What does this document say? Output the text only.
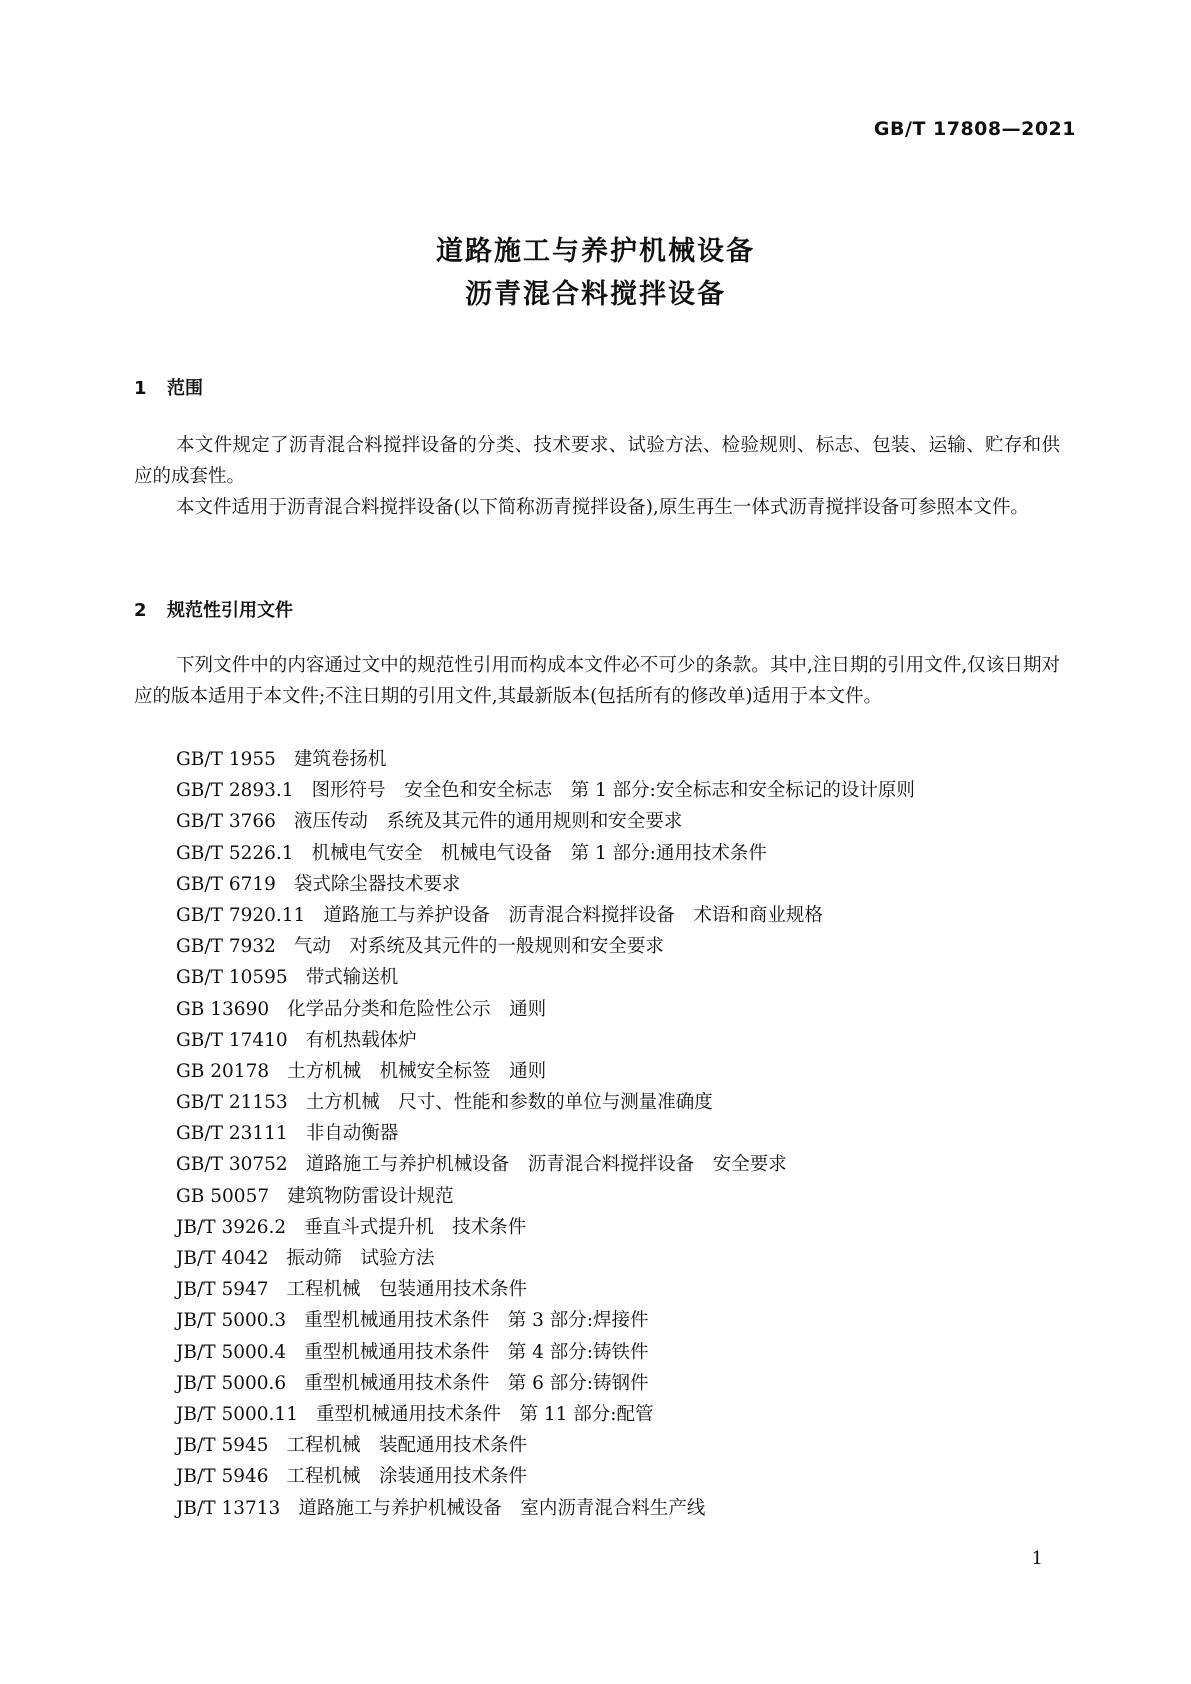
GB/T 17808—2021
道路施工与养护机械设备
沥青混合料搅拌设备
1 范围

本文件规定了沥青混合料搅拌设备的分类、技术要求、试验方法、检验规则、标志、包装、运输、贮存和供应的成套性。

本文件适用于沥青混合料搅拌设备(以下简称沥青搅拌设备),原生再生一体式沥青搅拌设备可参照本文件。

2 规范性引用文件

下列文件中的内容通过文中的规范性引用而构成本文件必不可少的条款。其中,注日期的引用文件,仅该日期对应的版本适用于本文件;不注日期的引用文件,其最新版本(包括所有的修改单)适用于本文件。

GB/T 1955 建筑卷扬机
GB/T 2893.1 图形符号　安全色和安全标志　第 1 部分:安全标志和安全标记的设计原则
GB/T 3766 液压传动　系统及其元件的通用规则和安全要求
GB/T 5226.1 机械电气安全　机械电气设备　第 1 部分:通用技术条件
GB/T 6719 袋式除尘器技术要求
GB/T 7920.11 道路施工与养护设备　沥青混合料搅拌设备　术语和商业规格
GB/T 7932 气动　对系统及其元件的一般规则和安全要求
GB/T 10595 带式输送机
GB 13690 化学品分类和危险性公示　通则
GB/T 17410 有机热载体炉
GB 20178 土方机械　机械安全标签　通则
GB/T 21153 土方机械　尺寸、性能和参数的单位与测量准确度
GB/T 23111 非自动衡器
GB/T 30752 道路施工与养护机械设备　沥青混合料搅拌设备　安全要求
GB 50057 建筑物防雷设计规范
JB/T 3926.2 垂直斗式提升机　技术条件
JB/T 4042 振动筛　试验方法
JB/T 5947 工程机械　包装通用技术条件
JB/T 5000.3 重型机械通用技术条件　第 3 部分:焊接件
JB/T 5000.4 重型机械通用技术条件　第 4 部分:铸铁件
JB/T 5000.6 重型机械通用技术条件　第 6 部分:铸钢件
JB/T 5000.11 重型机械通用技术条件　第 11 部分:配管
JB/T 5945 工程机械　装配通用技术条件
JB/T 5946 工程机械　涂装通用技术条件
JB/T 13713 道路施工与养护机械设备　室内沥青混合料生产线
1
